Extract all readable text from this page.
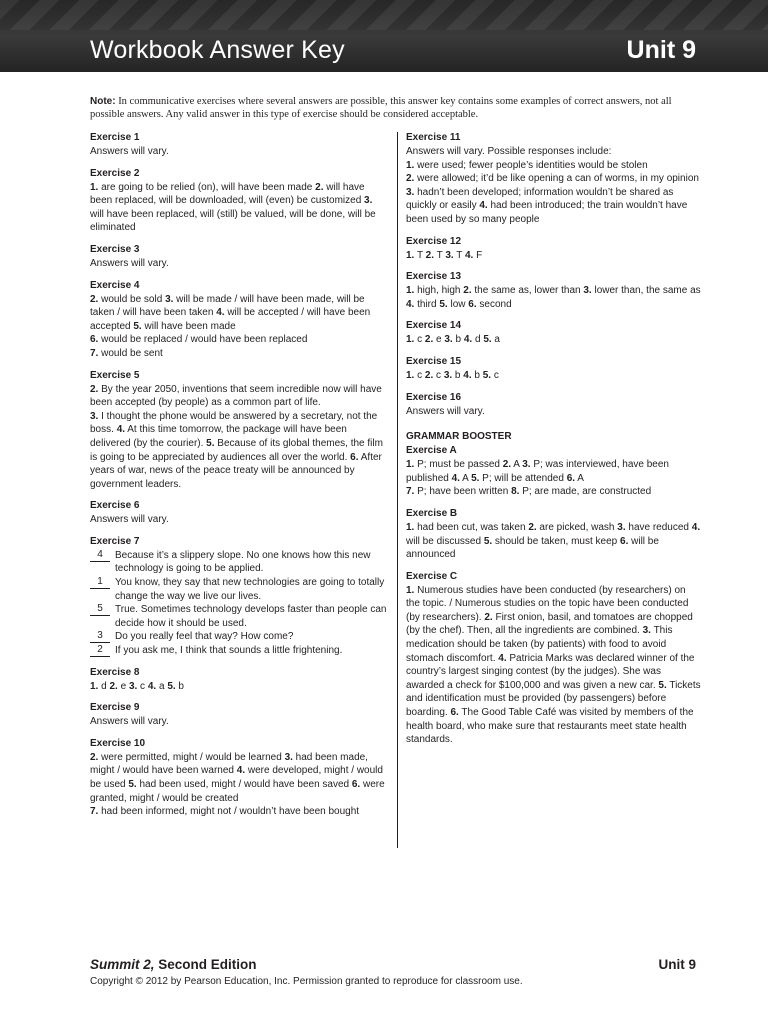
Workbook Answer Key	Unit 9
Note: In communicative exercises where several answers are possible, this answer key contains some examples of correct answers, not all possible answers. Any valid answer in this type of exercise should be considered acceptable.
Exercise 1
Answers will vary.
Exercise 2
1. are going to be relied (on), will have been made 2. will have been replaced, will be downloaded, will (even) be customized 3. will have been replaced, will (still) be valued, will be done, will be eliminated
Exercise 3
Answers will vary.
Exercise 4
2. would be sold 3. will be made / will have been made, will be taken / will have been taken 4. will be accepted / will have been accepted 5. will have been made
6. would be replaced / would have been replaced
7. would be sent
Exercise 5
2. By the year 2050, inventions that seem incredible now will have been accepted (by people) as a common part of life.
3. I thought the phone would be answered by a secretary, not the boss. 4. At this time tomorrow, the package will have been delivered (by the courier). 5. Because of its global themes, the film is going to be appreciated by audiences all over the world. 6. After years of war, news of the peace treaty will be announced by government leaders.
Exercise 6
Answers will vary.
Exercise 7
4	Because it’s a slippery slope. No one knows how this new technology is going to be applied.
1	You know, they say that new technologies are going to totally change the way we live our lives.
5	True. Sometimes technology develops faster than people can decide how it should be used.
3	Do you really feel that way? How come?
2	If you ask me, I think that sounds a little frightening.
Exercise 8
1. d 2. e 3. c 4. a 5. b
Exercise 9
Answers will vary.
Exercise 10
2. were permitted, might / would be learned 3. had been made, might / would have been warned 4. were developed, might / would be used 5. had been used, might / would have been saved 6. were granted, might / would be created
7. had been informed, might not / wouldn’t have been bought
Exercise 11
Answers will vary. Possible responses include:
1. were used; fewer people’s identities would be stolen
2. were allowed; it’d be like opening a can of worms, in my opinion 3. hadn’t been developed; information wouldn’t be shared as quickly or easily 4. had been introduced; the train wouldn’t have been used by so many people
Exercise 12
1. T 2. T 3. T 4. F
Exercise 13
1. high, high 2. the same as, lower than 3. lower than, the same as 4. third 5. low 6. second
Exercise 14
1. c 2. e 3. b 4. d 5. a
Exercise 15
1. c 2. c 3. b 4. b 5. c
Exercise 16
Answers will vary.
GRAMMAR BOOSTER
Exercise A
1. P; must be passed 2. A 3. P; was interviewed, have been published 4. A 5. P; will be attended 6. A
7. P; have been written 8. P; are made, are constructed
Exercise B
1. had been cut, was taken 2. are picked, wash 3. have reduced 4. will be discussed 5. should be taken, must keep 6. will be announced
Exercise C
1. Numerous studies have been conducted (by researchers) on the topic. / Numerous studies on the topic have been conducted (by researchers). 2. First onion, basil, and tomatoes are chopped (by the chef). Then, all the ingredients are combined. 3. This medication should be taken (by patients) with food to avoid stomach discomfort. 4. Patricia Marks was declared winner of the country’s largest singing contest (by the judges). She was awarded a check for $100,000 and was given a new car. 5. Tickets and identification must be provided (by passengers) before boarding. 6. The Good Table Café was visited by members of the health board, who make sure that restaurants meet state health standards.
Summit 2, Second Edition	Unit 9
Copyright © 2012 by Pearson Education, Inc. Permission granted to reproduce for classroom use.
